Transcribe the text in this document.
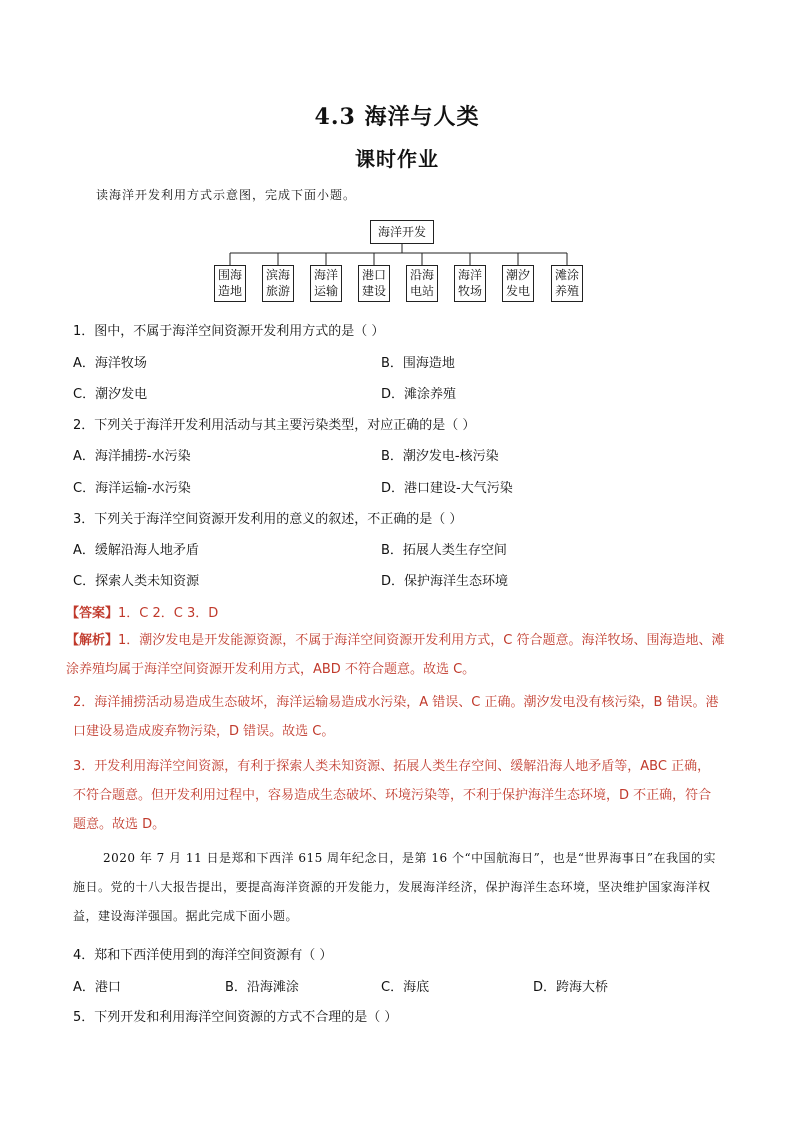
4.3 海洋与人类
课时作业
读海洋开发利用方式示意图，完成下面小题。
海洋开发
围海
造地
滨海
旅游
海洋
运输
港口
建设
沿海
电站
海洋
牧场
潮汐
发电
滩涂
养殖
1．图中，不属于海洋空间资源开发利用方式的是（ ）
A．海洋牧场	B．围海造地
C．潮汐发电	D．滩涂养殖
2．下列关于海洋开发利用活动与其主要污染类型，对应正确的是（ ）
A．海洋捕捞-水污染	B．潮汐发电-核污染
C．海洋运输-水污染	D．港口建设-大气污染
3．下列关于海洋空间资源开发利用的意义的叙述，不正确的是（ ）
A．缓解沿海人地矛盾	B．拓展人类生存空间
C．探索人类未知资源	D．保护海洋生态环境
【答案】1．C 2．C 3．D
【解析】1．潮汐发电是开发能源资源，不属于海洋空间资源开发利用方式，C 符合题意。海洋牧场、围海造地、滩涂养殖均属于海洋空间资源开发利用方式，ABD 不符合题意。故选 C。
2．海洋捕捞活动易造成生态破坏，海洋运输易造成水污染，A 错误、C 正确。潮汐发电没有核污染，B 错误。港口建设易造成废弃物污染，D 错误。故选 C。
3．开发利用海洋空间资源，有利于探索人类未知资源、拓展人类生存空间、缓解沿海人地矛盾等，ABC 正确，不符合题意。但开发利用过程中，容易造成生态破坏、环境污染等，不利于保护海洋生态环境，D 不正确，符合题意。故选 D。
2020 年 7 月 11 日是郑和下西洋 615 周年纪念日，是第 16 个“中国航海日”，也是“世界海事日”在我国的实施日。党的十八大报告提出，要提高海洋资源的开发能力，发展海洋经济，保护海洋生态环境，坚决维护国家海洋权益，建设海洋强国。据此完成下面小题。
4．郑和下西洋使用到的海洋空间资源有（ ）
A．港口	B．沿海滩涂	C．海底	D．跨海大桥
5．下列开发和利用海洋空间资源的方式不合理的是（ ）
